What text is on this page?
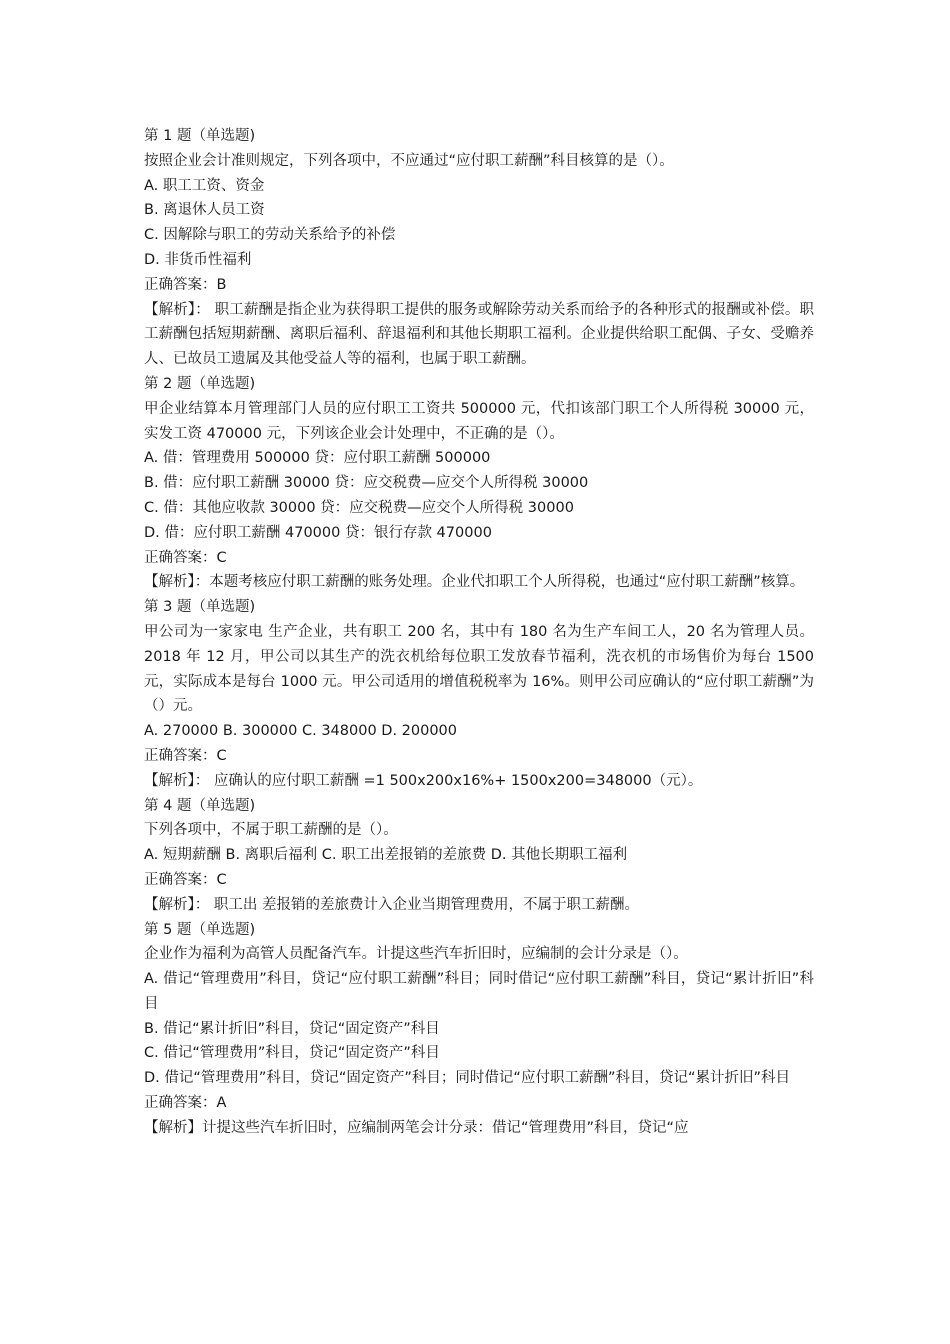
第 1 题（单选题)
按照企业会计准则规定，下列各项中，不应通过“应付职工薪酬”科目核算的是（）。
A. 职工工资、资金
B. 离退休人员工资
C. 因解除与职工的劳动关系给予的补偿
D. 非货币性福利
正确答案：B
【解析】： 职工薪酬是指企业为获得职工提供的服务或解除劳动关系而给予的各种形式的报酬或补偿。职工薪酬包括短期薪酬、离职后福利、辞退福利和其他长期职工福利。企业提供给职工配偶、子女、受赡养人、已故员工遗属及其他受益人等的福利，也属于职工薪酬。
第 2 题（单选题)
甲企业结算本月管理部门人员的应付职工工资共 500000 元，代扣该部门职工个人所得税 30000 元，实发工资 470000 元，下列该企业会计处理中，不正确的是（）。
A. 借：管理费用 500000 贷：应付职工薪酬 500000
B. 借：应付职工薪酬 30000 贷：应交税费—应交个人所得税 30000
C. 借：其他应收款 30000 贷：应交税费—应交个人所得税 30000
D. 借：应付职工薪酬 470000 贷：银行存款 470000
正确答案：C
【解析】：本题考核应付职工薪酬的账务处理。企业代扣职工个人所得税，也通过“应付职工薪酬”核算。
第 3 题（单选题)
甲公司为一家家电 生产企业，共有职工 200 名，其中有 180 名为生产车间工人，20 名为管理人员。2018 年 12 月，甲公司以其生产的洗衣机给每位职工发放春节福利，洗衣机的市场售价为每台 1500 元，实际成本是每台 1000 元。甲公司适用的增值税税率为 16%。则甲公司应确认的“应付职工薪酬”为（）元。
A. 270000 B. 300000 C. 348000 D. 200000
正确答案：C
【解析】： 应确认的应付职工薪酬 =1 500x200x16%+ 1500x200=348000（元）。
第 4 题（单选题)
下列各项中，不属于职工薪酬的是（）。
A. 短期薪酬 B. 离职后福利 C. 职工出差报销的差旅费 D. 其他长期职工福利
正确答案：C
【解析】： 职工出 差报销的差旅费计入企业当期管理费用，不属于职工薪酬。
第 5 题（单选题)
企业作为福利为高管人员配备汽车。计提这些汽车折旧时，应编制的会计分录是（）。
A. 借记“管理费用”科目，贷记“应付职工薪酬”科目；同时借记“应付职工薪酬”科目，贷记“累计折旧”科目
B. 借记“累计折旧”科目，贷记“固定资产”科目
C. 借记“管理费用”科目，贷记“固定资产”科目
D. 借记“管理费用”科目，贷记“固定资产”科目；同时借记“应付职工薪酬”科目，贷记“累计折旧”科目
正确答案：A
【解析】计提这些汽车折旧时，应编制两笔会计分录：借记“管理费用”科目，贷记“应
